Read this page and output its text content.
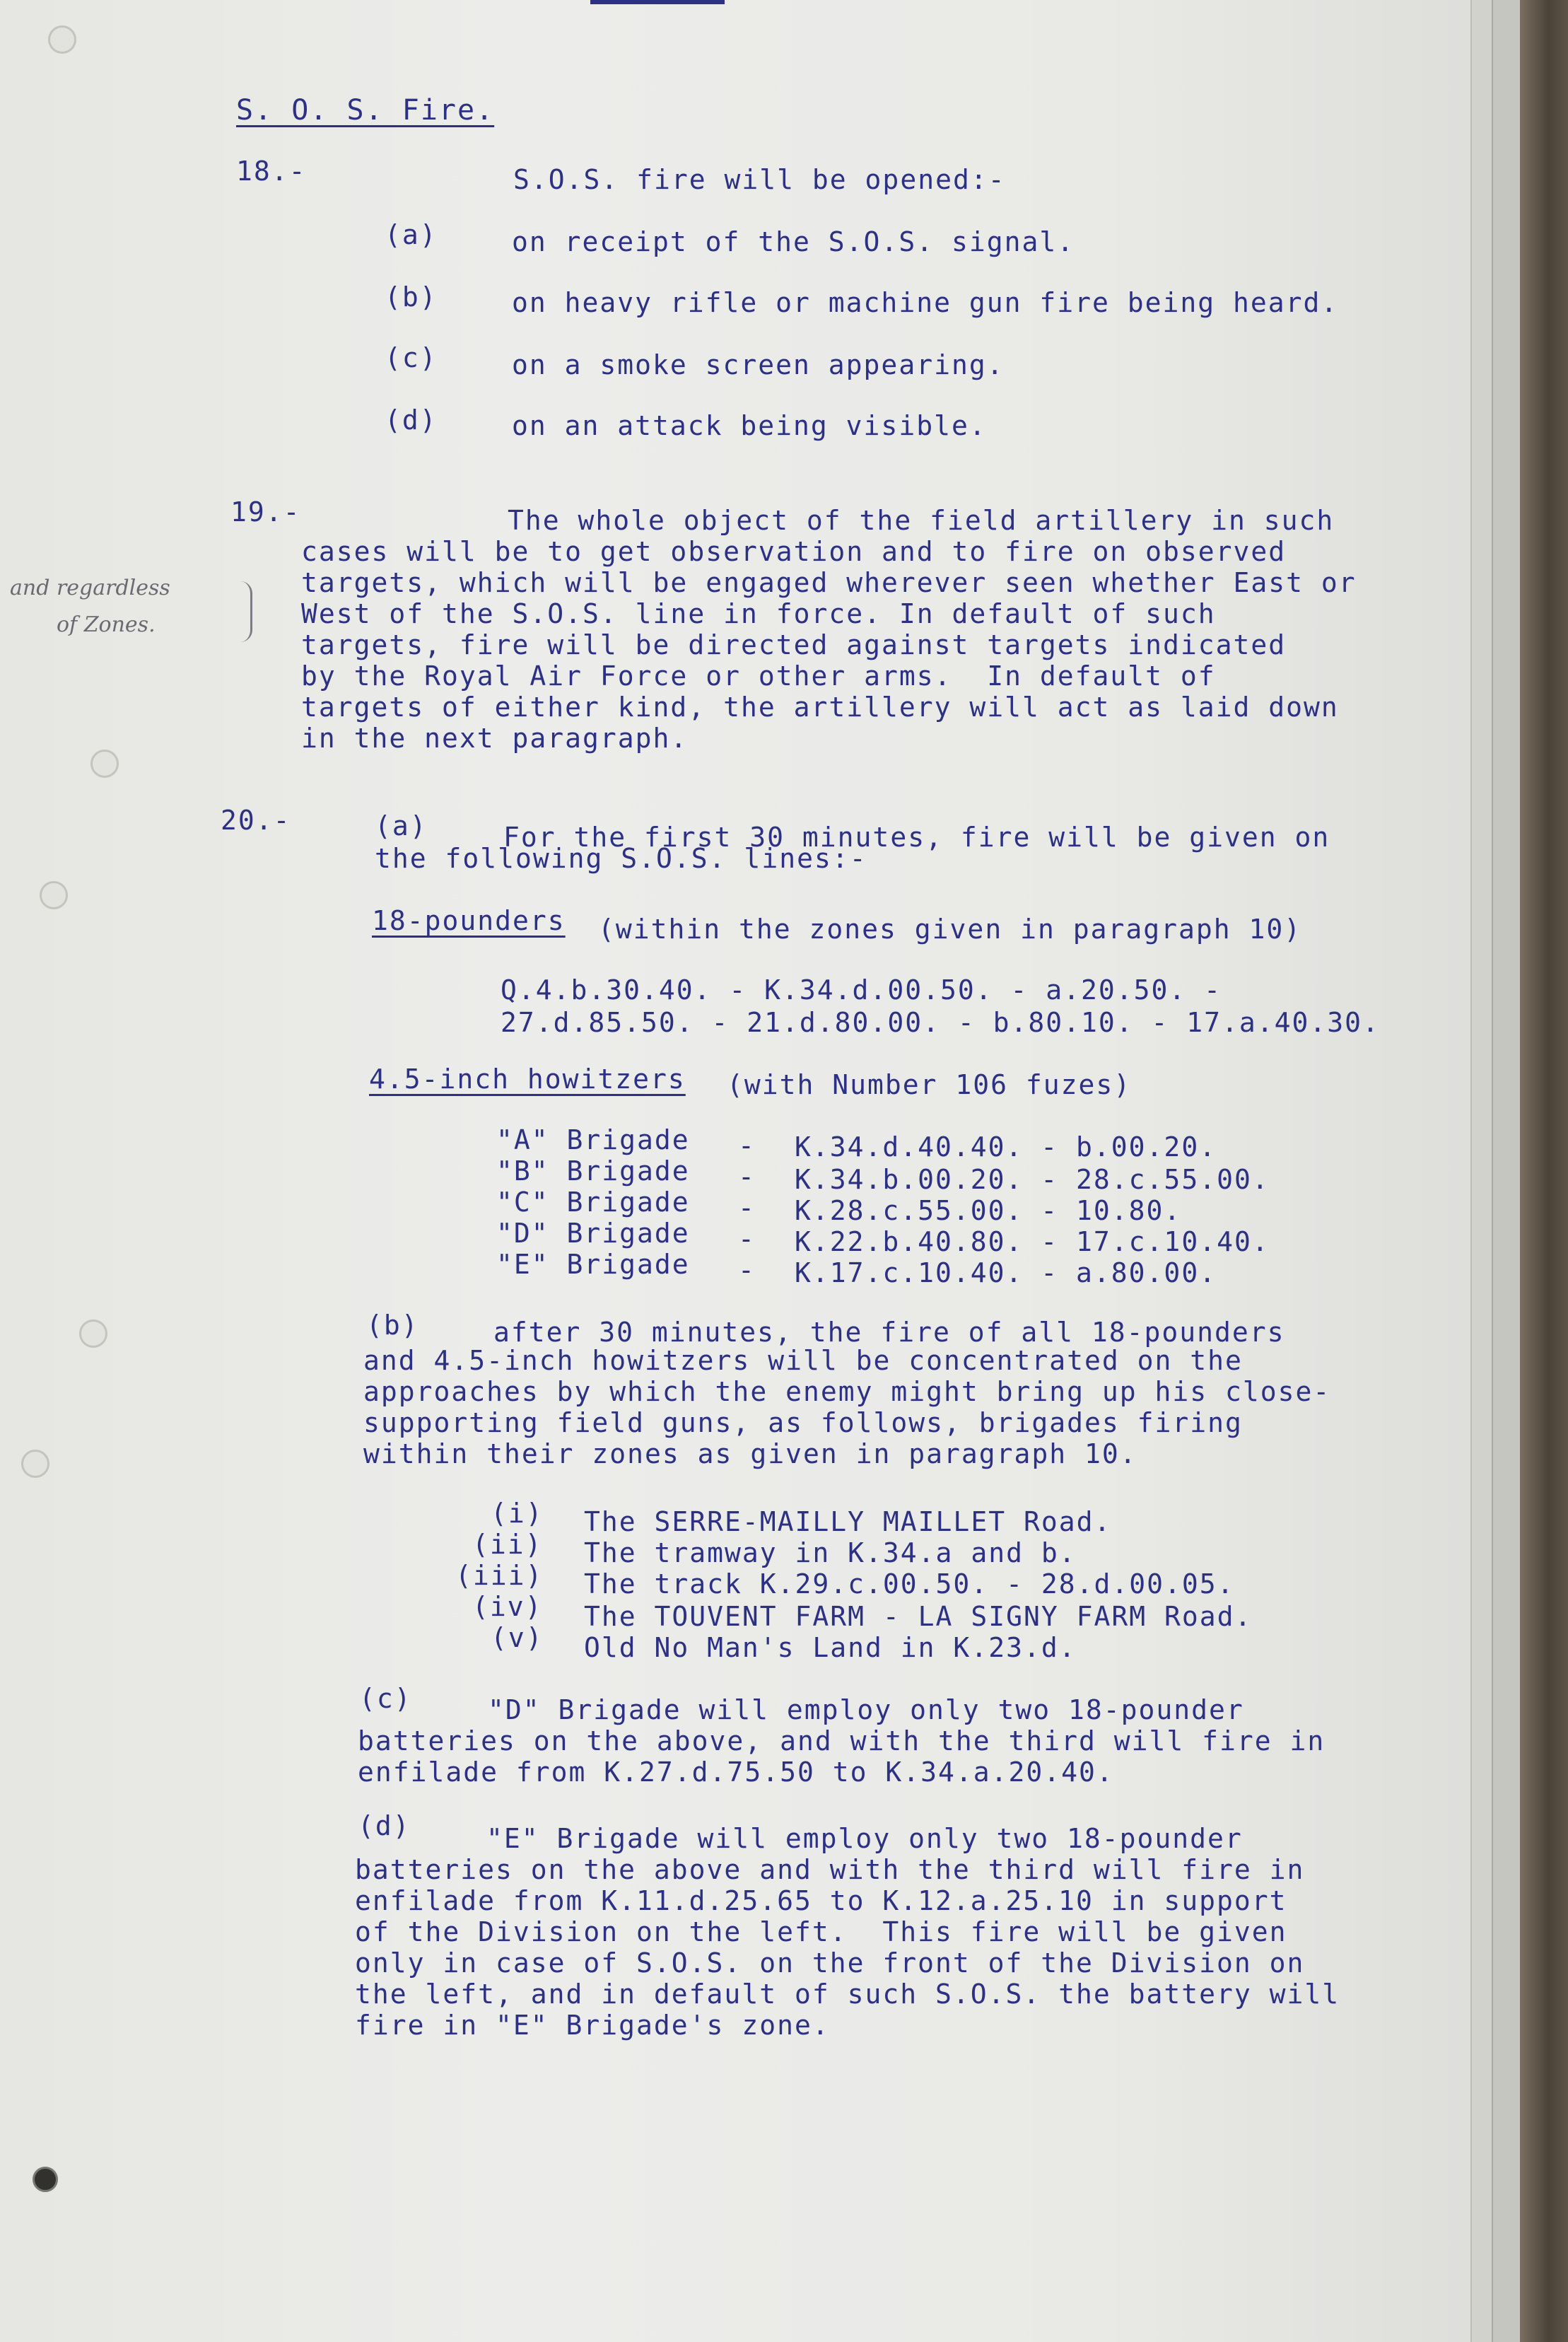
S. O. S. Fire.
18.-	S.O.S. fire will be opened:-
(a)	on receipt of the S.O.S. signal.
(b)	on heavy rifle or machine gun fire being heard.
(c)	on a smoke screen appearing.
(d)	on an attack being visible.
19.-	The whole object of the field artillery in such
cases will be to get observation and to fire on observed
targets, which will be engaged wherever seen whether East or
West of the S.O.S. line in force. In default of such
targets, fire will be directed against targets indicated
by the Royal Air Force or other arms.  In default of
targets of either kind, the artillery will act as laid down
in the next paragraph.
and regardless
of Zones.
20.-	(a)	For the first 30 minutes, fire will be given on
the following S.O.S. lines:-
18-pounders (within the zones given in paragraph 10)
Q.4.b.30.40. - K.34.d.00.50. - a.20.50. -
27.d.85.50. - 21.d.80.00. - b.80.10. - 17.a.40.30.
4.5-inch howitzers (with Number 106 fuzes)
"A" Brigade - K.34.d.40.40. - b.00.20.
"B" Brigade - K.34.b.00.20. - 28.c.55.00.
"C" Brigade - K.28.c.55.00. - 10.80.
"D" Brigade - K.22.b.40.80. - 17.c.10.40.
"E" Brigade - K.17.c.10.40. - a.80.00.
(b)	after 30 minutes, the fire of all 18-pounders
and 4.5-inch howitzers will be concentrated on the
approaches by which the enemy might bring up his close-
supporting field guns, as follows, brigades firing
within their zones as given in paragraph 10.
(i) The SERRE-MAILLY MAILLET Road.
(ii) The tramway in K.34.a and b.
(iii) The track K.29.c.00.50. - 28.d.00.05.
(iv) The TOUVENT FARM - LA SIGNY FARM Road.
(v) Old No Man's Land in K.23.d.
(c)	"D" Brigade will employ only two 18-pounder
batteries on the above, and with the third will fire in
enfilade from K.27.d.75.50 to K.34.a.20.40.
(d)	"E" Brigade will employ only two 18-pounder
batteries on the above and with the third will fire in
enfilade from K.11.d.25.65 to K.12.a.25.10 in support
of the Division on the left.  This fire will be given
only in case of S.O.S. on the front of the Division on
the left, and in default of such S.O.S. the battery will
fire in "E" Brigade's zone.
